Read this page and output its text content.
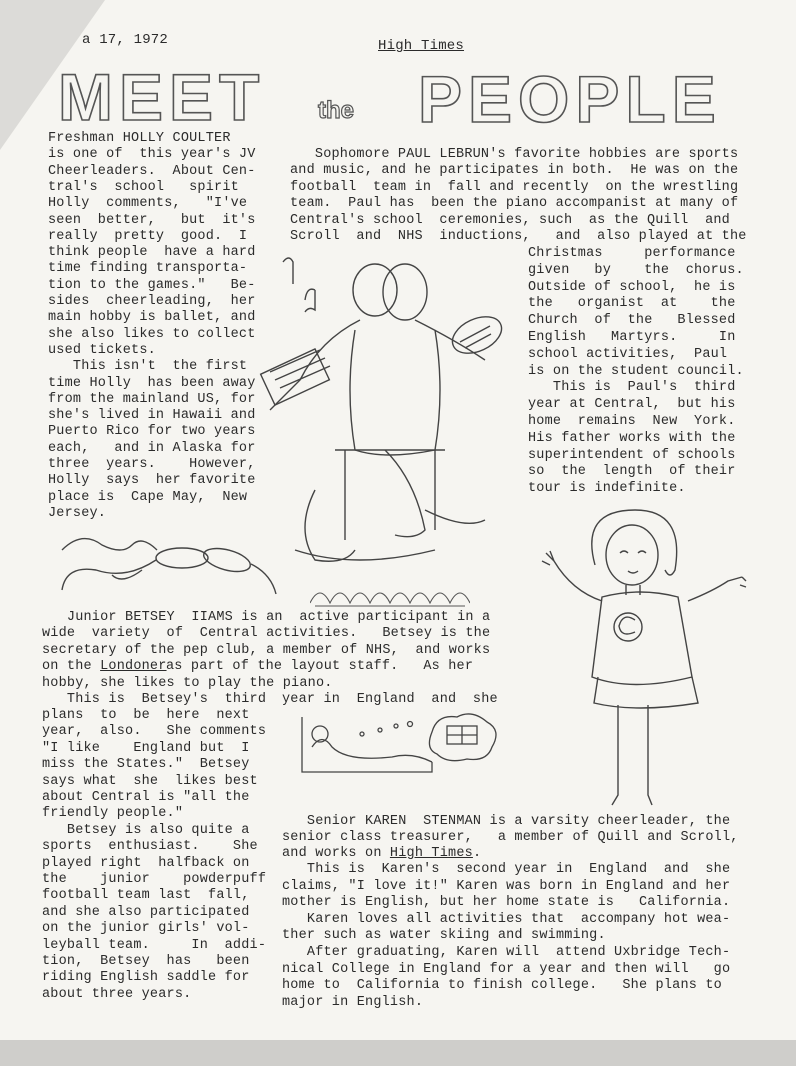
a 17, 1972	High Times
MEET the PEOPLE
Freshman HOLLY COULTER
is one of  this year's JV
Cheerleaders.  About Cen-
tral's  school   spirit
Holly  comments,   "I've
seen  better,   but  it's
really  pretty  good.  I
think people  have a hard
time finding transporta-
tion to the games."   Be-
sides  cheerleading,  her
main hobby is ballet, and
she also likes to collect
used tickets.
This isn't  the first
time Holly  has been away
from the mainland US, for
she's lived in Hawaii and
Puerto Rico for two years
each,   and in Alaska for
three  years.    However,
Holly  says  her favorite
place is  Cape May,  New
Jersey.
Sophomore PAUL LEBRUN's favorite hobbies are sports
and music, and he participates in both.  He was on the
football  team in  fall and recently  on the wrestling
team.  Paul has  been the piano accompanist at many of
Central's school  ceremonies, such  as the Quill  and
Scroll  and  NHS  inductions,   and  also played at the
Christmas     performance
given   by    the  chorus.
Outside of school,  he is
the   organist  at    the
Church  of  the   Blessed
English   Martyrs.     In
school activities,  Paul
is on the student council.
This is  Paul's  third
year at Central,  but his
home  remains  New  York.
His father works with the
superintendent of schools
so  the  length  of their
tour is indefinite.
Junior BETSEY  IIAMS is an  active participant in a
wide  variety  of  Central activities.   Betsey is the
secretary of the pep club, a member of NHS,  and works
as part of the layout staff.   As her
hobby, she likes to play the piano.
on the Londoner
This is  Betsey's  third year in  England  and  she
plans  to  be  here  next
year,  also.   She comments
"I like    England but  I
miss the States."  Betsey
says what  she  likes best
about Central is "all the
friendly people."
Betsey is also quite a
sports  enthusiast.    She
played right  halfback on
the    junior    powderpuff
football team last  fall,
and she also participated
on the junior girls' vol-
leyball team.     In  addi-
tion,  Betsey  has   been
riding English saddle for
about three years.
Senior KAREN  STENMAN is a varsity cheerleader, the
senior class treasurer,   a member of Quill and Scroll,
and works on High Times.
This is  Karen's  second year in  England  and  she
claims, "I love it!" Karen was born in England and her
mother is English, but her home state is   California.
Karen loves all activities that  accompany hot wea-
ther such as water skiing and swimming.
After graduating, Karen will  attend Uxbridge Tech-
nical College in England for a year and then will   go
home to  California to finish college.   She plans to
major in English.
